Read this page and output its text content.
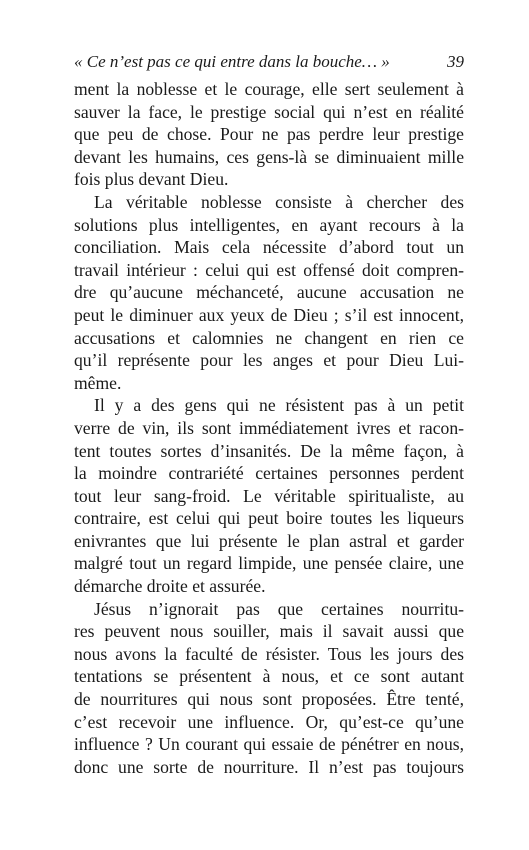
« Ce n’est pas ce qui entre dans la bouche… »	39
ment la noblesse et le courage, elle sert seulement à
sauver la face, le prestige social qui n’est en réalité
que peu de chose. Pour ne pas perdre leur prestige
devant les humains, ces gens-là se diminuaient mille
fois plus devant Dieu.
La véritable noblesse consiste à chercher des
solutions plus intelligentes, en ayant recours à la
conciliation. Mais cela nécessite d’abord tout un
travail intérieur : celui qui est offensé doit compren-
dre qu’aucune méchanceté, aucune accusation ne
peut le diminuer aux yeux de Dieu ; s’il est innocent,
accusations et calomnies ne changent en rien ce
qu’il représente pour les anges et pour Dieu Lui-
même.
Il y a des gens qui ne résistent pas à un petit
verre de vin, ils sont immédiatement ivres et racon-
tent toutes sortes d’insanités. De la même façon, à
la moindre contrariété certaines personnes perdent
tout leur sang-froid. Le véritable spiritualiste, au
contraire, est celui qui peut boire toutes les liqueurs
enivrantes que lui présente le plan astral et garder
malgré tout un regard limpide, une pensée claire, une
démarche droite et assurée.
Jésus n’ignorait pas que certaines nourritu-
res peuvent nous souiller, mais il savait aussi que
nous avons la faculté de résister. Tous les jours des
tentations se présentent à nous, et ce sont autant
de nourritures qui nous sont proposées. Être tenté,
c’est recevoir une influence. Or, qu’est-ce qu’une
influence ? Un courant qui essaie de pénétrer en nous,
donc une sorte de nourriture. Il n’est pas toujours
